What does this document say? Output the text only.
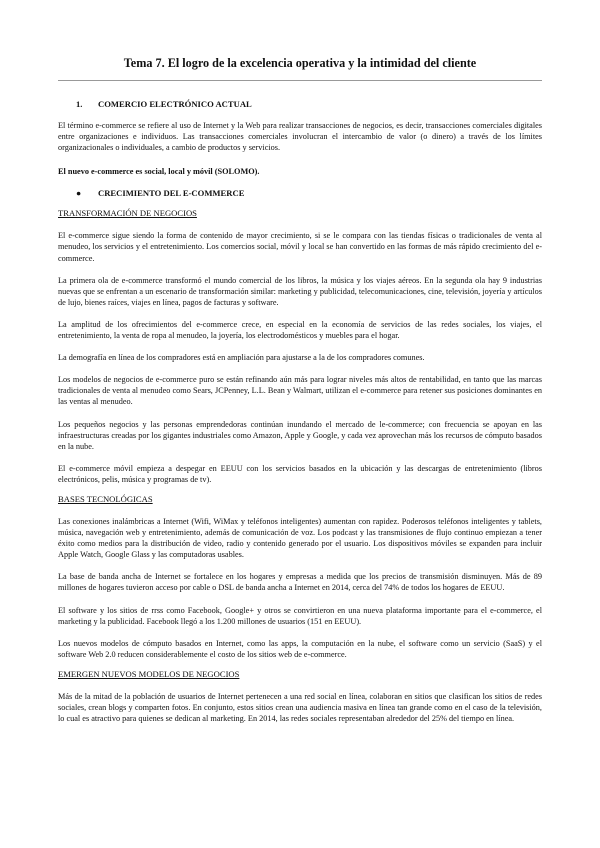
Tema 7. El logro de la excelencia operativa y la intimidad del cliente
1. COMERCIO ELECTRÓNICO ACTUAL

El término e-commerce se refiere al uso de Internet y la Web para realizar transacciones de negocios, es decir, transacciones comerciales digitales entre organizaciones e individuos. Las transacciones comerciales involucran el intercambio de valor (o dinero) a través de los límites organizacionales o individuales, a cambio de productos y servicios.

El nuevo e-commerce es social, local y móvil (SOLOMO).

● CRECIMIENTO DEL E-COMMERCE
TRANSFORMACIÓN DE NEGOCIOS

El e-commerce sigue siendo la forma de contenido de mayor crecimiento, si se le compara con las tiendas físicas o tradicionales de venta al menudeo, los servicios y el entretenimiento. Los comercios social, móvil y local se han convertido en las formas de más rápido crecimiento del e-commerce.

La primera ola de e-commerce transformó el mundo comercial de los libros, la música y los viajes aéreos. En la segunda ola hay 9 industrias nuevas que se enfrentan a un escenario de transformación similar: marketing y publicidad, telecomunicaciones, cine, televisión, joyería y artículos de lujo, bienes raíces, viajes en línea, pagos de facturas y software.

La amplitud de los ofrecimientos del e-commerce crece, en especial en la economía de servicios de las redes sociales, los viajes, el entretenimiento, la venta de ropa al menudeo, la joyería, los electrodomésticos y muebles para el hogar.

La demografía en línea de los compradores está en ampliación para ajustarse a la de los compradores comunes.

Los modelos de negocios de e-commerce puro se están refinando aún más para lograr niveles más altos de rentabilidad, en tanto que las marcas tradicionales de venta al menudeo como Sears, JCPenney, L.L. Bean y Walmart, utilizan el e-commerce para retener sus posiciones dominantes en las ventas al menudeo.

Los pequeños negocios y las personas emprendedoras continúan inundando el mercado de le-commerce; con frecuencia se apoyan en las infraestructuras creadas por los gigantes industriales como Amazon, Apple y Google, y cada vez aprovechan más los recursos de cómputo basados en la nube.

El e-commerce móvil empieza a despegar en EEUU con los servicios basados en la ubicación y las descargas de entretenimiento (libros electrónicos, pelis, música y programas de tv).

BASES TECNOLÓGICAS

Las conexiones inalámbricas a Internet (Wifi, WiMax y teléfonos inteligentes) aumentan con rapidez. Poderosos teléfonos inteligentes y tablets, música, navegación web y entretenimiento, además de comunicación de voz. Los podcast y las transmisiones de flujo continuo empiezan a tener éxito como medios para la distribución de video, radio y contenido generado por el usuario. Los dispositivos móviles se expanden para incluir Apple Watch, Google Glass y las computadoras usables.

La base de banda ancha de Internet se fortalece en los hogares y empresas a medida que los precios de transmisión disminuyen. Más de 89 millones de hogares tuvieron acceso por cable o DSL de banda ancha a Internet en 2014, cerca del 74% de todos los hogares de EEUU.

El software y los sitios de rrss como Facebook, Google+ y otros se convirtieron en una nueva plataforma importante para el e-commerce, el marketing y la publicidad. Facebook llegó a los 1.200 millones de usuarios (151 en EEUU).

Los nuevos modelos de cómputo basados en Internet, como las apps, la computación en la nube, el software como un servicio (SaaS) y el software Web 2.0 reducen considerablemente el costo de los sitios web de e-commerce.

EMERGEN NUEVOS MODELOS DE NEGOCIOS

Más de la mitad de la población de usuarios de Internet pertenecen a una red social en línea, colaboran en sitios que clasifican los sitios de redes sociales, crean blogs y comparten fotos. En conjunto, estos sitios crean una audiencia masiva en línea tan grande como en el caso de la televisión, lo cual es atractivo para quienes se dedican al marketing. En 2014, las redes sociales representaban alrededor del 25% del tiempo en línea.
